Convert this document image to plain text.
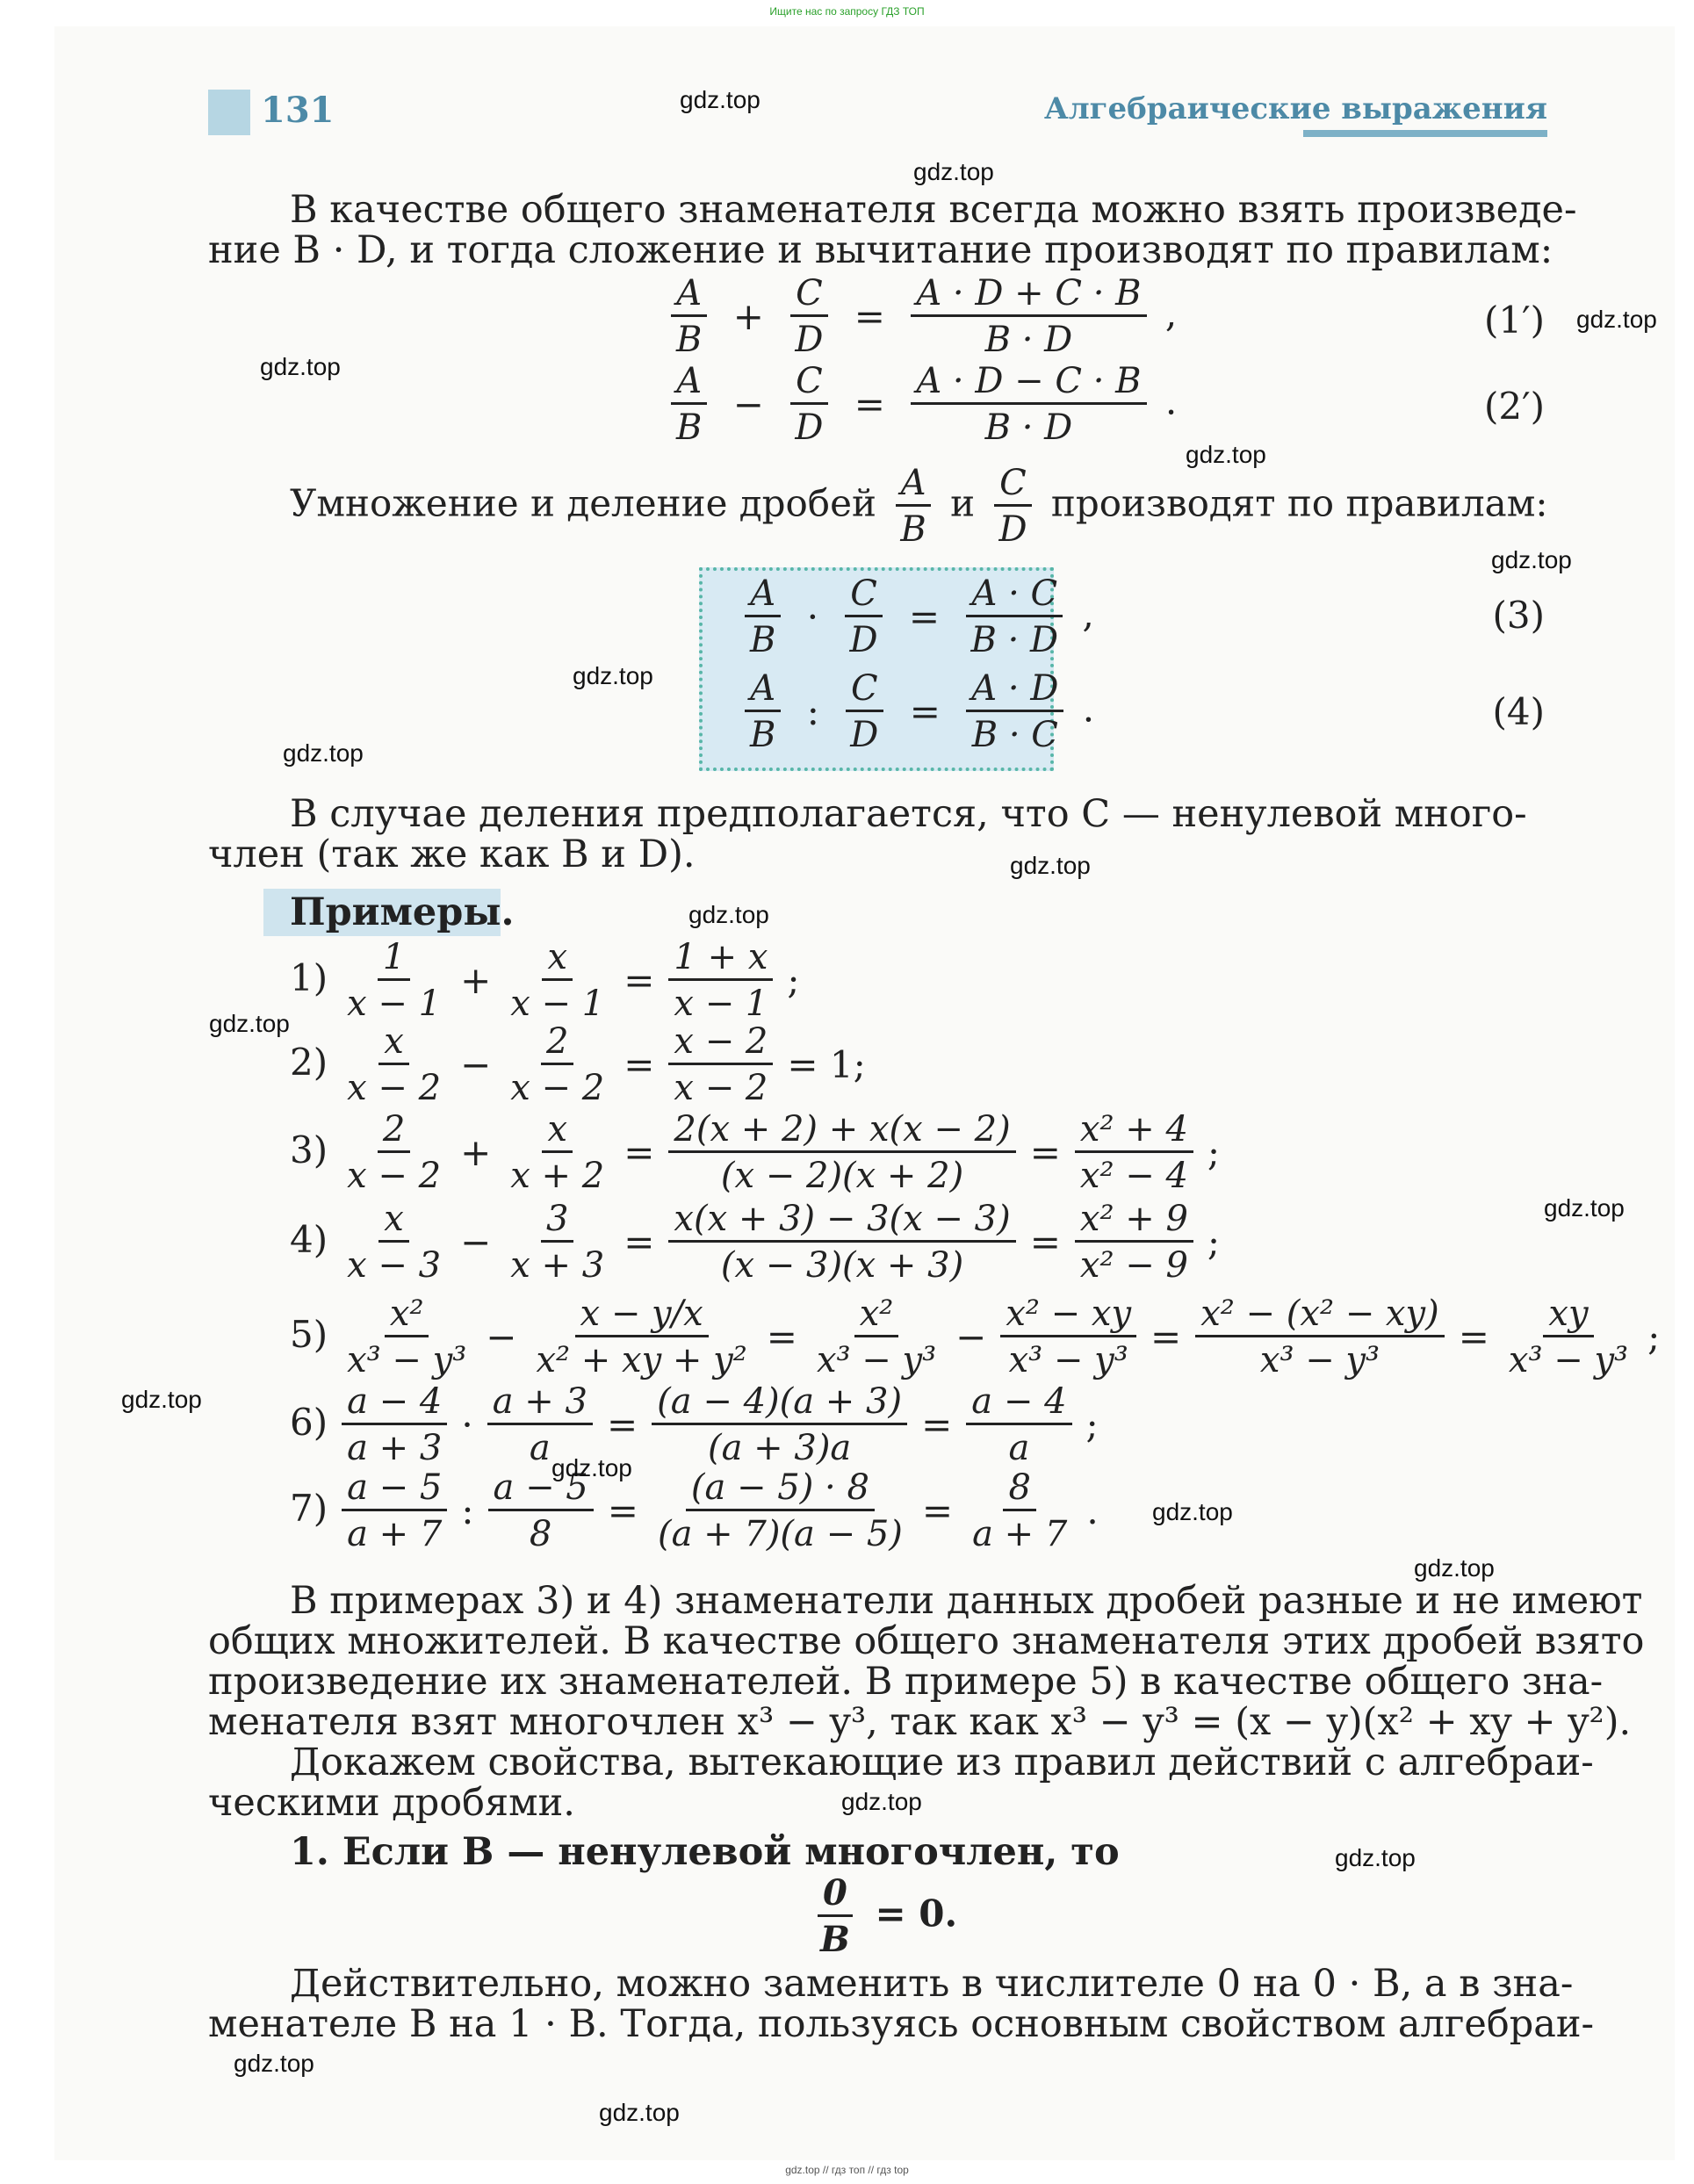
Ищите нас по запросу ГДЗ ТОП
131	Алгебраические выражения
В качестве общего знаменателя всегда можно взять произведе-
ние B · D, и тогда сложение и вычитание производят по правилам:
$\frac{A}{B} + \frac{C}{D} = \frac{A \cdot D + C \cdot B}{B \cdot D}$ ,	(1′)
$\frac{A}{B} - \frac{C}{D} = \frac{A \cdot D - C \cdot B}{B \cdot D}$ .	(2′)
Умножение и деление дробей $\frac{A}{B}$ и $\frac{C}{D}$ производят по правилам:
$\frac{A}{B} \cdot \frac{C}{D} = \frac{A \cdot C}{B \cdot D}$ ,	(3)
$\frac{A}{B}$ : $\frac{C}{D} = \frac{A \cdot D}{B \cdot C}$ .	(4)
В случае деления предполагается, что C — ненулевой много-
член (так же как B и D).
Примеры.
$1) \frac{1}{x - 1} + \frac{x}{x - 1} = \frac{1 + x}{x - 1}$ ;
$2) \frac{x}{x - 2} - \frac{2}{x - 2} = \frac{x - 2}{x - 2} = 1$;
$3) \frac{2}{x - 2} + \frac{x}{x + 2} = \frac{2(x + 2) + x(x - 2)}{(x - 2)(x + 2)} = \frac{\text{x² + 4}}{\text{x² − 4}}$ ;
$4) \frac{x}{x - 3} - \frac{3}{x + 3} = \frac{x(x + 3) - 3(x - 3)}{(x - 3)(x + 3)} = \frac{\text{x² + 9}}{\text{x² − 9}}$ ;
$5) \frac{\text{x²}}{\text{x³ − y³}} - \frac{x - y/x}{\text{x² + xy + y²}} = \frac{\text{x²}}{\text{x³ − y³}} - \frac{\text{x² − xy}}{\text{x³ − y³}} = \frac{\text{x² − (x² − xy)}}{\text{x³ − y³}} = \frac{xy}{\text{x³ − y³}}$ ;
$6) \frac{a - 4}{a + 3} \cdot \frac{a + 3}{a} = \frac{(a - 4)(a + 3)}{(a + 3)a} = \frac{a - 4}{a}$ ;
$7) \frac{a - 5}{a + 7}$ : $\frac{a - 5}{8} = \frac{(a - 5) \cdot 8}{(a + 7)(a - 5)} = \frac{8}{a + 7}$ .
В примерах 3) и 4) знаменатели данных дробей разные и не имеют
общих множителей. В качестве общего знаменателя этих дробей взято
произведение их знаменателей. В примере 5) в качестве общего зна-
менателя взят многочлен x³ − y³, так как x³ − y³ = (x − y)(x² + xy + y²).
Докажем свойства, вытекающие из правил действий с алгебраи-
ческими дробями.
1. Если B — ненулевой многочлен, то
$\frac{0}{B} = 0$.
Действительно, можно заменить в числителе 0 на 0 · B, а в зна-
менателе B на 1 · B. Тогда, пользуясь основным свойством алгебраи-
gdz.top
gdz.top
gdz.top
gdz.top
gdz.top
gdz.top
gdz.top
gdz.top
gdz.top
gdz.top
gdz.top
gdz.top
gdz.top
gdz.top
gdz.top
gdz.top
gdz.top
gdz.top
gdz.top
gdz.top
gdz.top // гдз топ // гдз top
